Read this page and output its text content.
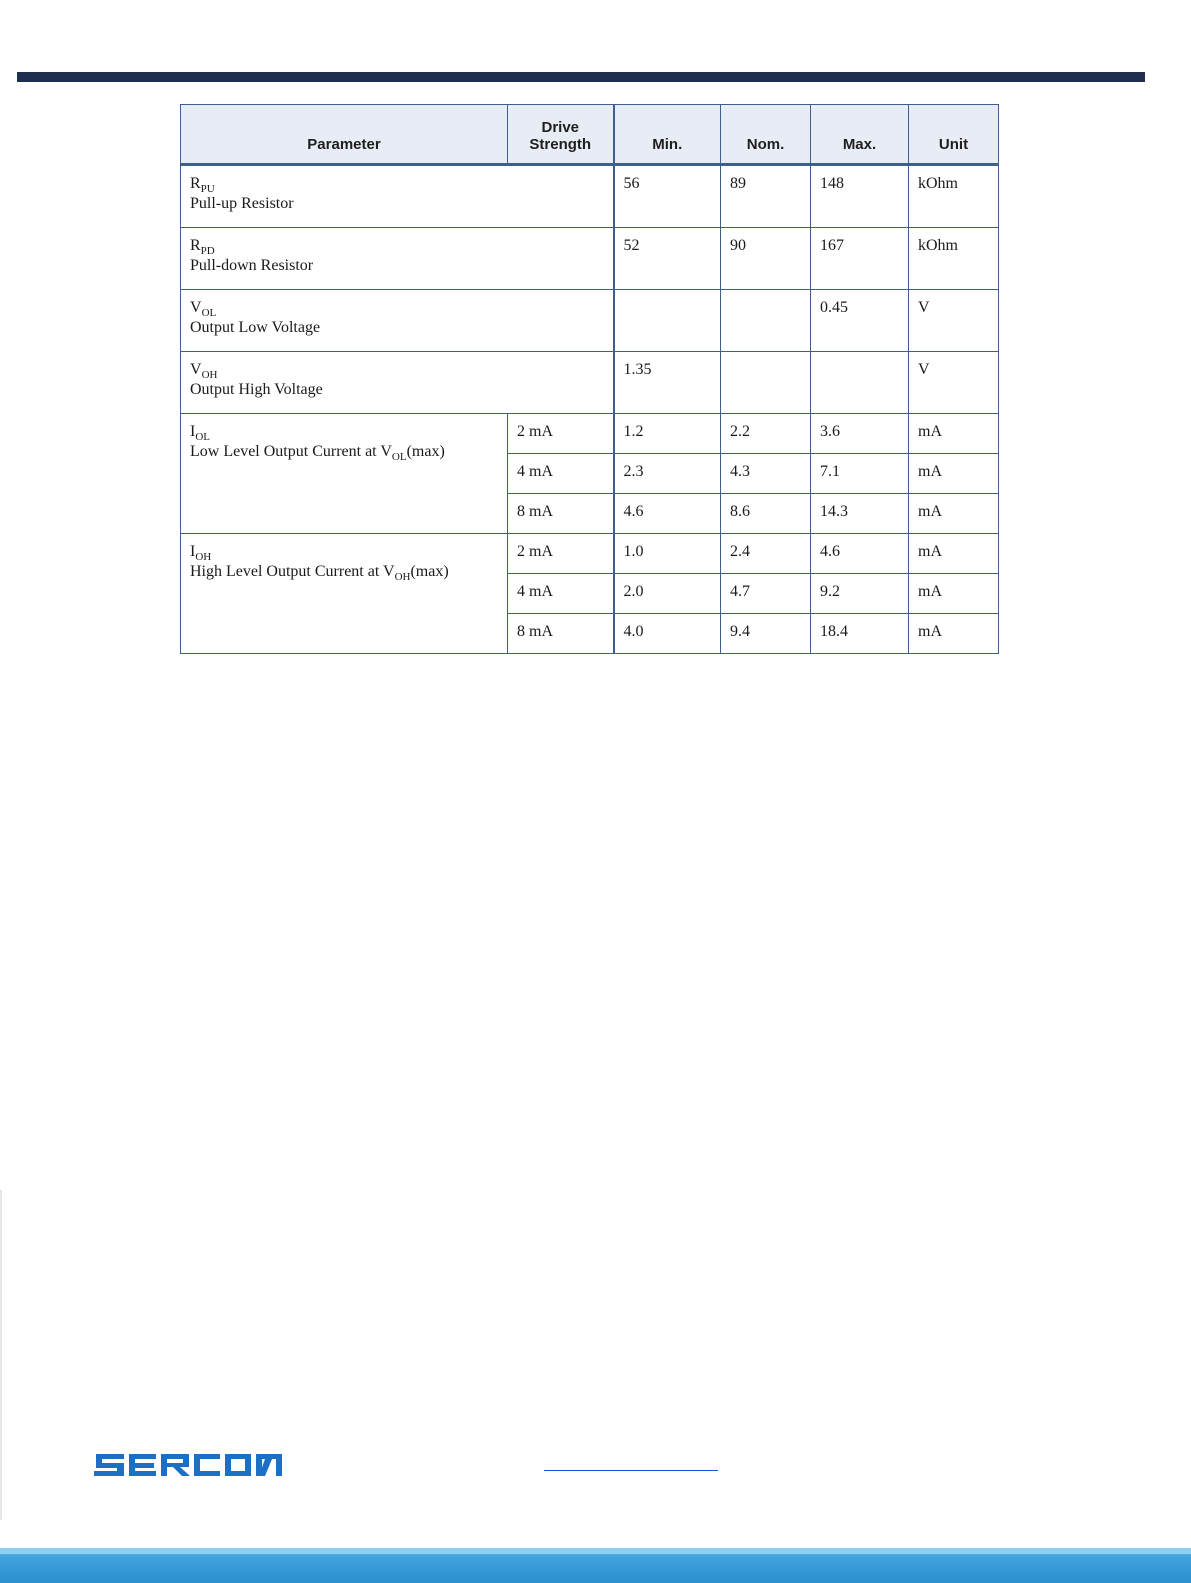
Parameter	Drive
Strength	Min.	Nom.	Max.	Unit
$R_{PU}$
Pull-up Resistor		56	89	148	kOhm
$R_{PD}$
Pull-down Resistor		52	90	167	kOhm
$V_{OL}$
Output Low Voltage				0.45	V
$V_{OH}$
Output High Voltage		1.35			V
$I_{OL}$
Low Level Output Current at $V_{OL}(\max)$	2 mA	1.2	2.2	3.6	mA
	4 mA	2.3	4.3	7.1	mA
	8 mA	4.6	8.6	14.3	mA
$I_{OH}$
High Level Output Current at $V_{OH}(\max)$	2 mA	1.0	2.4	4.6	mA
	4 mA	2.0	4.7	9.2	mA
	8 mA	4.0	9.4	18.4	mA
